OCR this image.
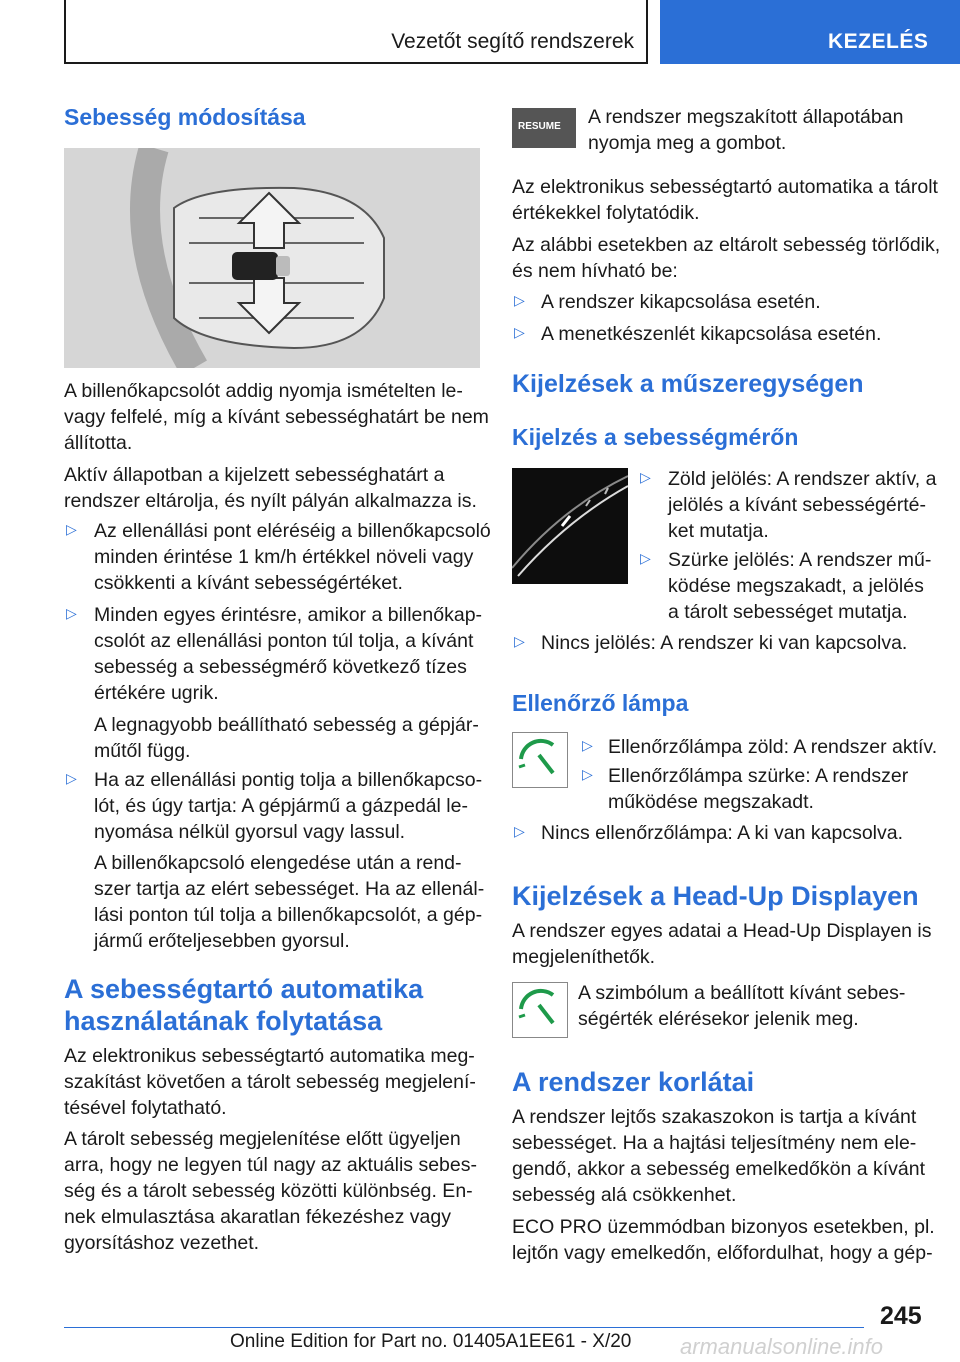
Vezetőt segítő rendszerek	KEZELÉS
Sebesség módosítása
A billenőkapcsolót addig nyomja ismételten le-
vagy felfelé, míg a kívánt sebességhatárt be nem
állította.
Aktív állapotban a kijelzett sebességhatárt a
rendszer eltárolja, és nyílt pályán alkalmazza is.
▷ Az ellenállási pont eléréséig a billenőkapcsoló
minden érintése 1 km/h értékkel növeli vagy
csökkenti a kívánt sebességértéket.
▷ Minden egyes érintésre, amikor a billenőkap-
csolót az ellenállási ponton túl tolja, a kívánt
sebesség a sebességmérő következő tízes
értékére ugrik.
A legnagyobb beállítható sebesség a gépjár-
műtől függ.
▷ Ha az ellenállási pontig tolja a billenőkapcso-
lót, és úgy tartja: A gépjármű a gázpedál le-
nyomása nélkül gyorsul vagy lassul.
A billenőkapcsoló elengedése után a rend-
szer tartja az elért sebességet. Ha az ellenál-
lási ponton túl tolja a billenőkapcsolót, a gép-
jármű erőteljesebben gyorsul.
A sebességtartó automatika
használatának folytatása
Az elektronikus sebességtartó automatika meg-
szakítást követően a tárolt sebesség megjelení-
tésével folytatható.
A tárolt sebesség megjelenítése előtt ügyeljen
arra, hogy ne legyen túl nagy az aktuális sebes-
ség és a tárolt sebesség közötti különbség. En-
nek elmulasztása akaratlan fékezéshez vagy
gyorsításhoz vezethet.
RESUME A rendszer megszakított állapotában
nyomja meg a gombot.
Az elektronikus sebességtartó automatika a tárolt
értékekkel folytatódik.
Az alábbi esetekben az eltárolt sebesség törlődik,
és nem hívható be:
▷ A rendszer kikapcsolása esetén.
▷ A menetkészenlét kikapcsolása esetén.
Kijelzések a műszeregységen
Kijelzés a sebességmérőn
▷ Zöld jelölés: A rendszer aktív, a
jelölés a kívánt sebességérté-
ket mutatja.
▷ Szürke jelölés: A rendszer mű-
ködése megszakadt, a jelölés
a tárolt sebességet mutatja.
▷ Nincs jelölés: A rendszer ki van kapcsolva.
Ellenőrző lámpa
▷ Ellenőrzőlámpa zöld: A rendszer aktív.
▷ Ellenőrzőlámpa szürke: A rendszer
működése megszakadt.
▷ Nincs ellenőrzőlámpa: A ki van kapcsolva.
Kijelzések a Head-Up Displayen
A rendszer egyes adatai a Head-Up Displayen is
megjeleníthetők.
A szimbólum a beállított kívánt sebes-
ségérték elérésekor jelenik meg.
A rendszer korlátai
A rendszer lejtős szakaszokon is tartja a kívánt
sebességet. Ha a hajtási teljesítmény nem ele-
gendő, akkor a sebesség emelkedőkön a kívánt
sebesség alá csökkenhet.
ECO PRO üzemmódban bizonyos esetekben, pl.
lejtőn vagy emelkedőn, előfordulhat, hogy a gép-
245
Online Edition for Part no. 01405A1EE61 - X/20 armanualsonline.info
